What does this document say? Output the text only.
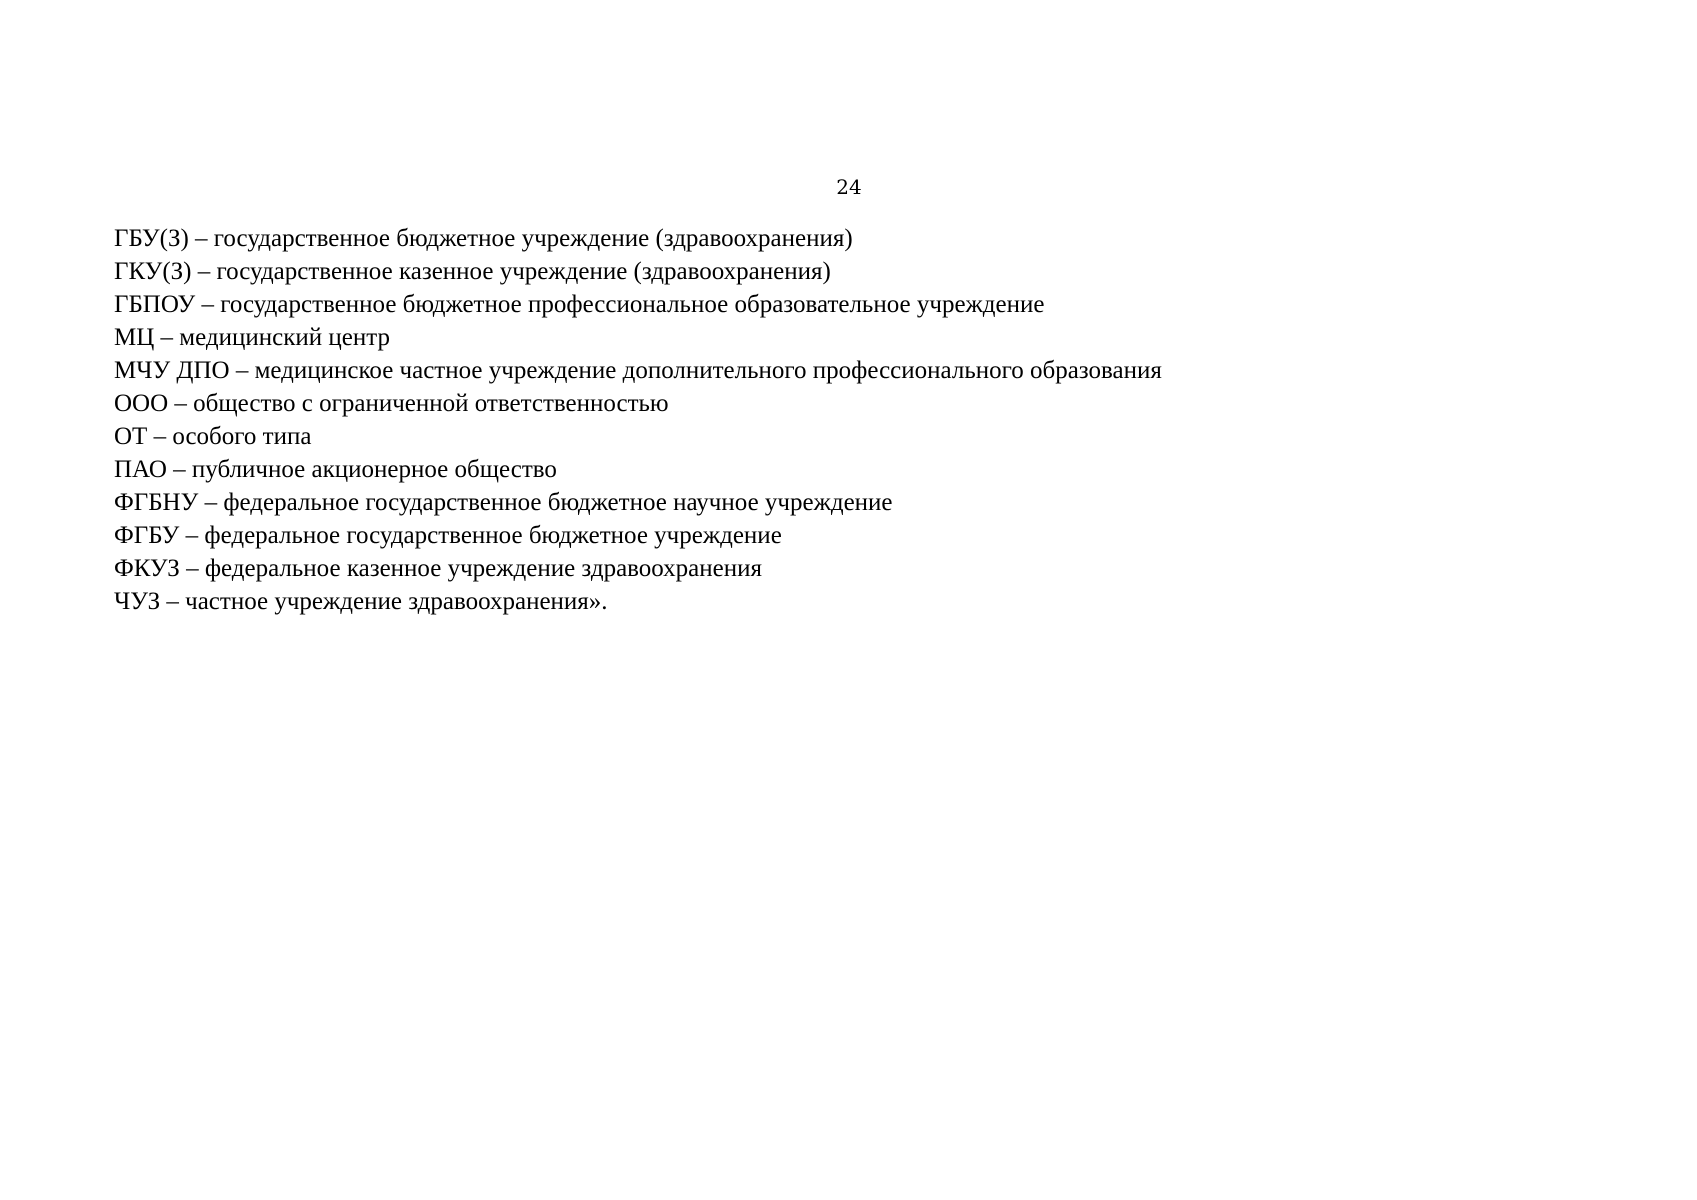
24
ГБУ(З) – государственное бюджетное учреждение (здравоохранения)
ГКУ(З) – государственное казенное учреждение (здравоохранения)
ГБПОУ – государственное бюджетное профессиональное образовательное учреждение
МЦ – медицинский центр
МЧУ ДПО – медицинское частное учреждение дополнительного профессионального образования
ООО – общество с ограниченной ответственностью
ОТ – особого типа
ПАО – публичное акционерное общество
ФГБНУ – федеральное государственное бюджетное научное учреждение
ФГБУ – федеральное государственное бюджетное учреждение
ФКУЗ – федеральное казенное учреждение здравоохранения
ЧУЗ – частное учреждение здравоохранения».
